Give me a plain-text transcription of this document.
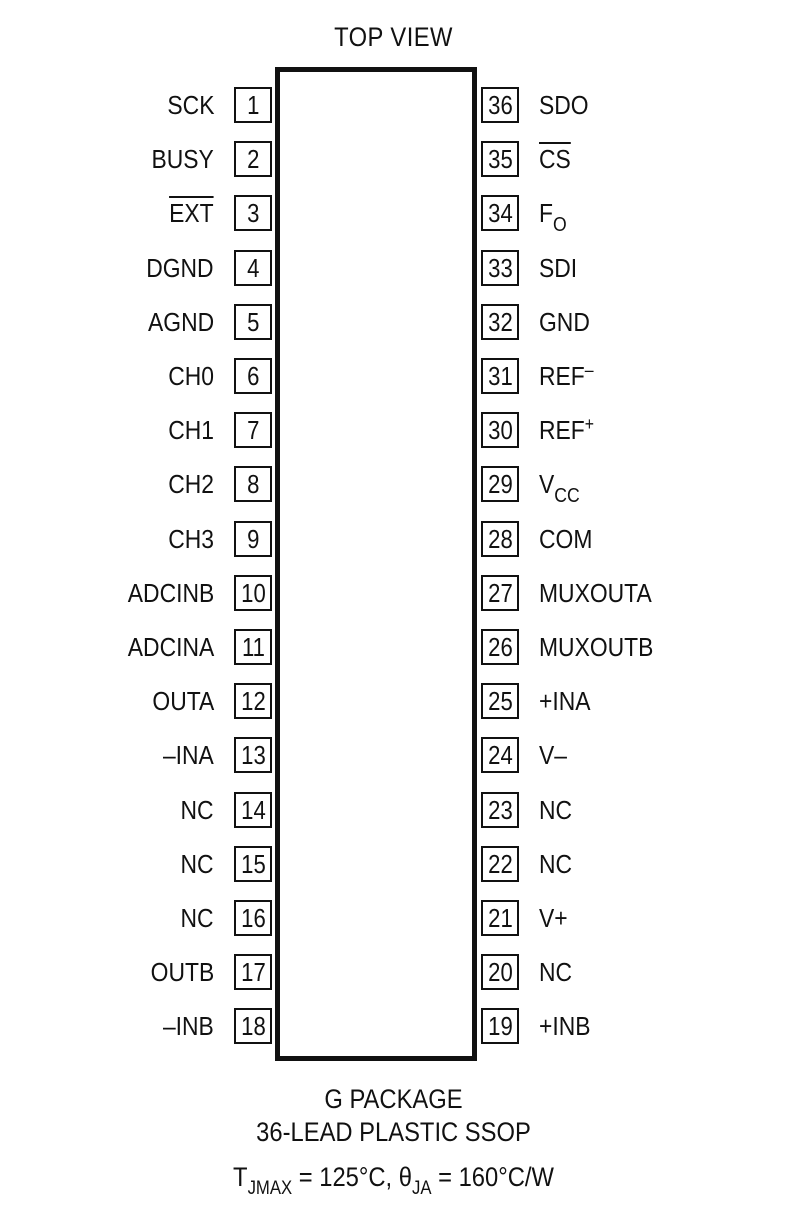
TOP VIEW
1
SCK
2
BUSY
3
$\overline{EXT}$
4
DGND
5
AGND
6
CH0
7
CH1
8
CH2
9
CH3
10
ADCINB
11
ADCINA
12
OUTA
13
–INA
14
NC
15
NC
16
NC
17
OUTB
18
–INB
36 SDO
35 $\overline{CS}$
34 $F_O$
33 SDI
32 GND
31 REF–
30 REF+
29 $V_{CC}$
28 COM
27 MUXOUTA
26 MUXOUTB
25 +INA
24 V–
23 NC
22 NC
21 V+
20 NC
19 +INB
G PACKAGE
36-LEAD PLASTIC SSOP
$T_{JMAX} = 125^\circ C$, $\theta_{JA} = 160^\circ C/W$
